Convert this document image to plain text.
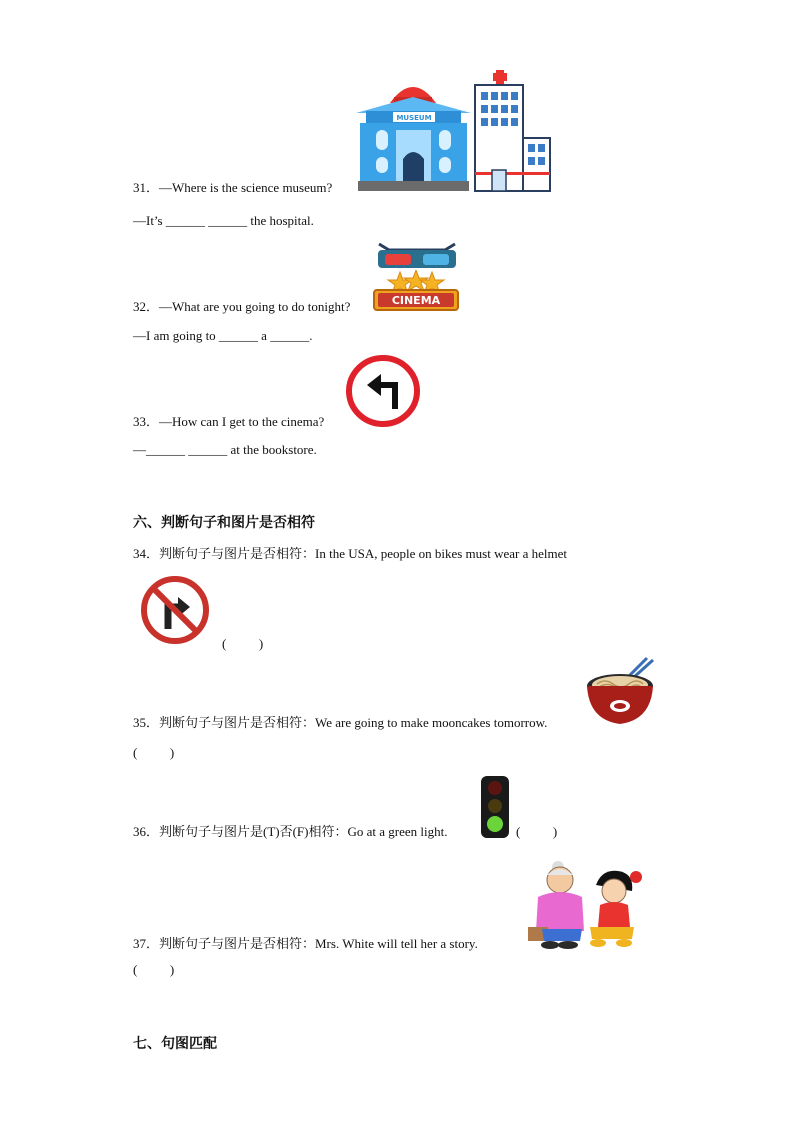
MUSEUM
31．—Where is the science museum?
—It’s ______ ______ the hospital.
CINEMA
32．—What are you going to do tonight?
—I am going to ______ a ______.
33．—How can I get to the cinema?
—______ ______ at the bookstore.
六、判断句子和图片是否相符
34．判断句子与图片是否相符：In the USA, people on bikes must wear a helmet
(          )
35．判断句子与图片是否相符：We are going to make mooncakes tomorrow.
(          )
36．判断句子与图片是(T)否(F)相符：Go at a green light.	(          )
37．判断句子与图片是否相符：Mrs. White will tell her a story.
(          )
七、句图匹配
